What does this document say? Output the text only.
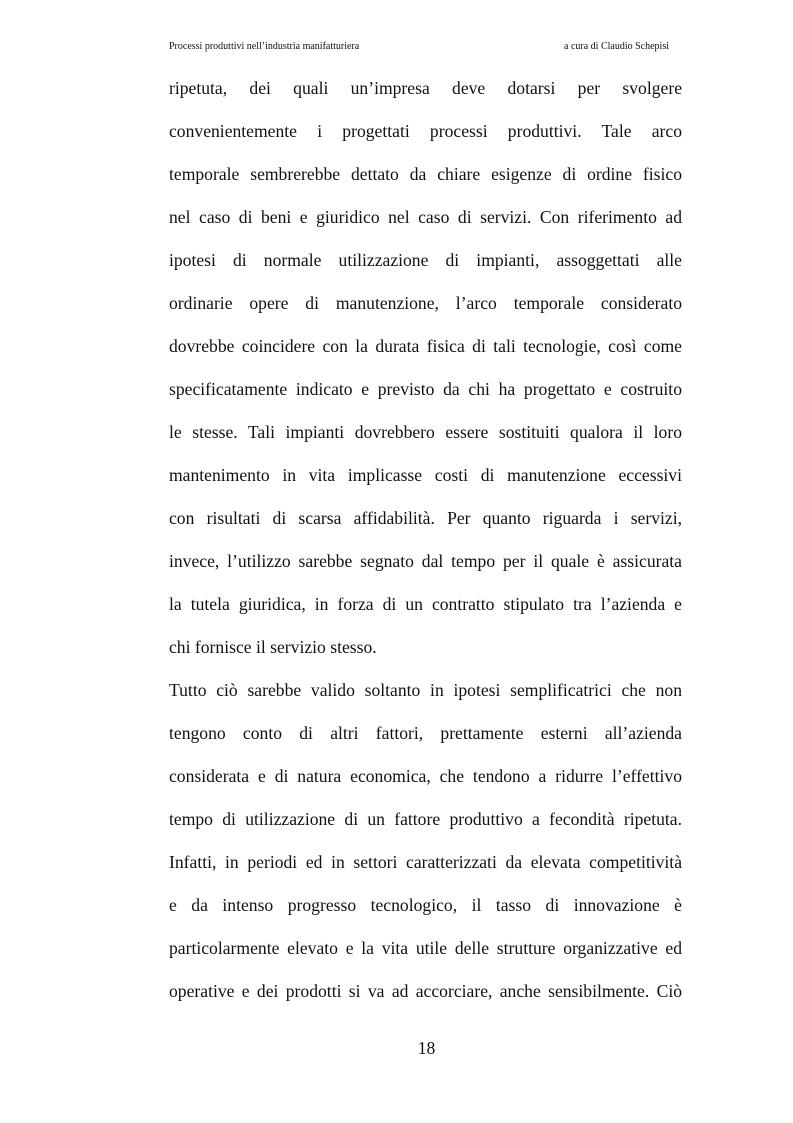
Processi produttivi nell’industria manifatturiera	a cura di Claudio Schepisi
ripetuta, dei quali un’impresa deve dotarsi per svolgere
convenientemente i progettati processi produttivi. Tale arco
temporale sembrerebbe dettato da chiare esigenze di ordine fisico
nel caso di beni e giuridico nel caso di servizi. Con riferimento ad
ipotesi di normale utilizzazione di impianti, assoggettati alle
ordinarie opere di manutenzione, l’arco temporale considerato
dovrebbe coincidere con la durata fisica di tali tecnologie, così come
specificatamente indicato e previsto da chi ha progettato e costruito
le stesse. Tali impianti dovrebbero essere sostituiti qualora il loro
mantenimento in vita implicasse costi di manutenzione eccessivi
con risultati di scarsa affidabilità. Per quanto riguarda i servizi,
invece, l’utilizzo sarebbe segnato dal tempo per il quale è assicurata
la tutela giuridica, in forza di un contratto stipulato tra l’azienda e
chi fornisce il servizio stesso.
Tutto ciò sarebbe valido soltanto in ipotesi semplificatrici che non
tengono conto di altri fattori, prettamente esterni all’azienda
considerata e di natura economica, che tendono a ridurre l’effettivo
tempo di utilizzazione di un fattore produttivo a fecondità ripetuta.
Infatti, in periodi ed in settori caratterizzati da elevata competitività
e da intenso progresso tecnologico, il tasso di innovazione è
particolarmente elevato e la vita utile delle strutture organizzative ed
operative e dei prodotti si va ad accorciare, anche sensibilmente. Ciò
18
